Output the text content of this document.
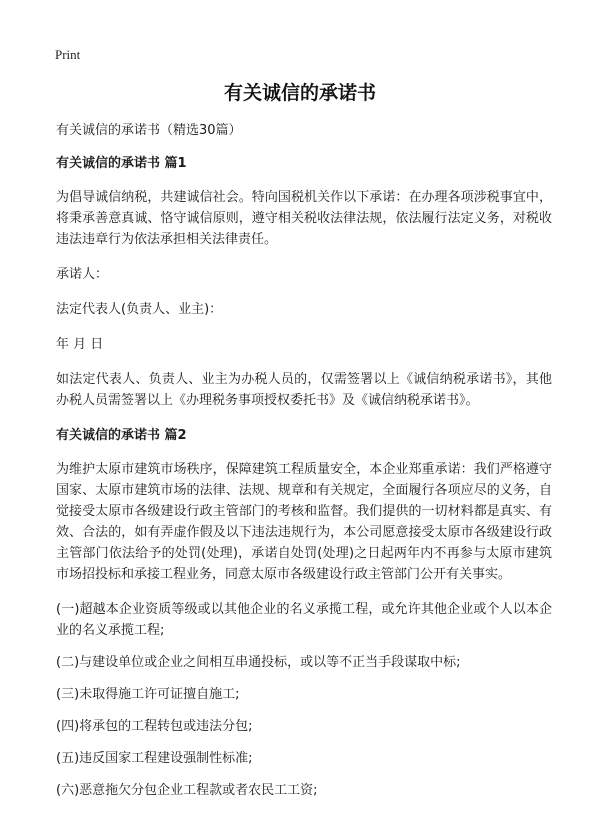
Print
有关诚信的承诺书

有关诚信的承诺书（精选30篇）

有关诚信的承诺书 篇1

为倡导诚信纳税，共建诚信社会。特向国税机关作以下承诺：在办理各项涉税事宜中，将秉承善意真诚、恪守诚信原则，遵守相关税收法律法规，依法履行法定义务，对税收违法违章行为依法承担相关法律责任。

承诺人：

法定代表人(负责人、业主)：

年 月 日

如法定代表人、负责人、业主为办税人员的，仅需签署以上《诚信纳税承诺书》，其他办税人员需签署以上《办理税务事项授权委托书》及《诚信纳税承诺书》。

有关诚信的承诺书 篇2

为维护太原市建筑市场秩序，保障建筑工程质量安全，本企业郑重承诺：我们严格遵守国家、太原市建筑市场的法律、法规、规章和有关规定，全面履行各项应尽的义务，自觉接受太原市各级建设行政主管部门的考核和监督。我们提供的一切材料都是真实、有效、合法的，如有弄虚作假及以下违法违规行为，本公司愿意接受太原市各级建设行政主管部门依法给予的处罚(处理)，承诺自处罚(处理)之日起两年内不再参与太原市建筑市场招投标和承接工程业务，同意太原市各级建设行政主管部门公开有关事实。

(一)超越本企业资质等级或以其他企业的名义承揽工程，或允许其他企业或个人以本企业的名义承揽工程;

(二)与建设单位或企业之间相互串通投标，或以等不正当手段谋取中标;

(三)未取得施工许可证擅自施工;

(四)将承包的工程转包或违法分包;

(五)违反国家工程建设强制性标准;

(六)恶意拖欠分包企业工程款或者农民工工资;
